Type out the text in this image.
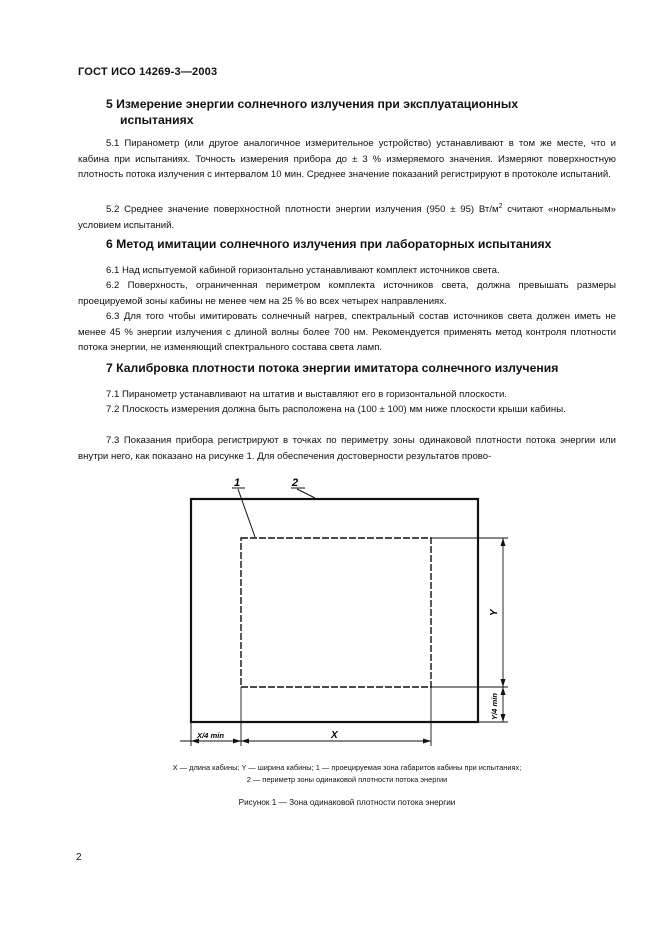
ГОСТ ИСО 14269-3—2003
5 Измерение энергии солнечного излучения при эксплуатационных
испытаниях
5.1 Пиранометр (или другое аналогичное измерительное устройство) устанавливают в том же месте, что и кабина при испытаниях. Точность измерения прибора до ± 3 % измеряемого значения. Измеряют поверхностную плотность потока излучения с интервалом 10 мин. Среднее значение показаний регистрируют в протоколе испытаний.
5.2 Среднее значение поверхностной плотности энергии излучения (950 ± 95) $Вт/м^2$ считают «нормальным» условием испытаний.
6 Метод имитации солнечного излучения при лабораторных испытаниях
6.1 Над испытуемой кабиной горизонтально устанавливают комплект источников света.
6.2 Поверхность, ограниченная периметром комплекта источников света, должна превышать размеры проецируемой зоны кабины не менее чем на 25 % во всех четырех направлениях.
6.3 Для того чтобы имитировать солнечный нагрев, спектральный состав источников света должен иметь не менее 45 % энергии излучения с длиной волны более 700 нм. Рекомендуется применять метод контроля плотности потока энергии, не изменяющий спектрального состава света ламп.
7 Калибровка плотности потока энергии имитатора солнечного излучения
7.1 Пиранометр устанавливают на штатив и выставляют его в горизонтальной плоскости.
7.2 Плоскость измерения должна быть расположена на (100 ± 100) мм ниже плоскости крыши кабины.
7.3 Показания прибора регистрируют в точках по периметру зоны одинаковой плотности потока энергии или внутри него, как показано на рисунке 1. Для обеспечения достоверности результатов прово-
Y
Y/4 min
X/4 min	X
1	2
X — длина кабины; Y — ширина кабины; 1 — проецируемая зона габаритов кабины при испытаниях;
2 — периметр зоны одинаковой плотности потока энергии
Рисунок 1 — Зона одинаковой плотности потока энергии
2
